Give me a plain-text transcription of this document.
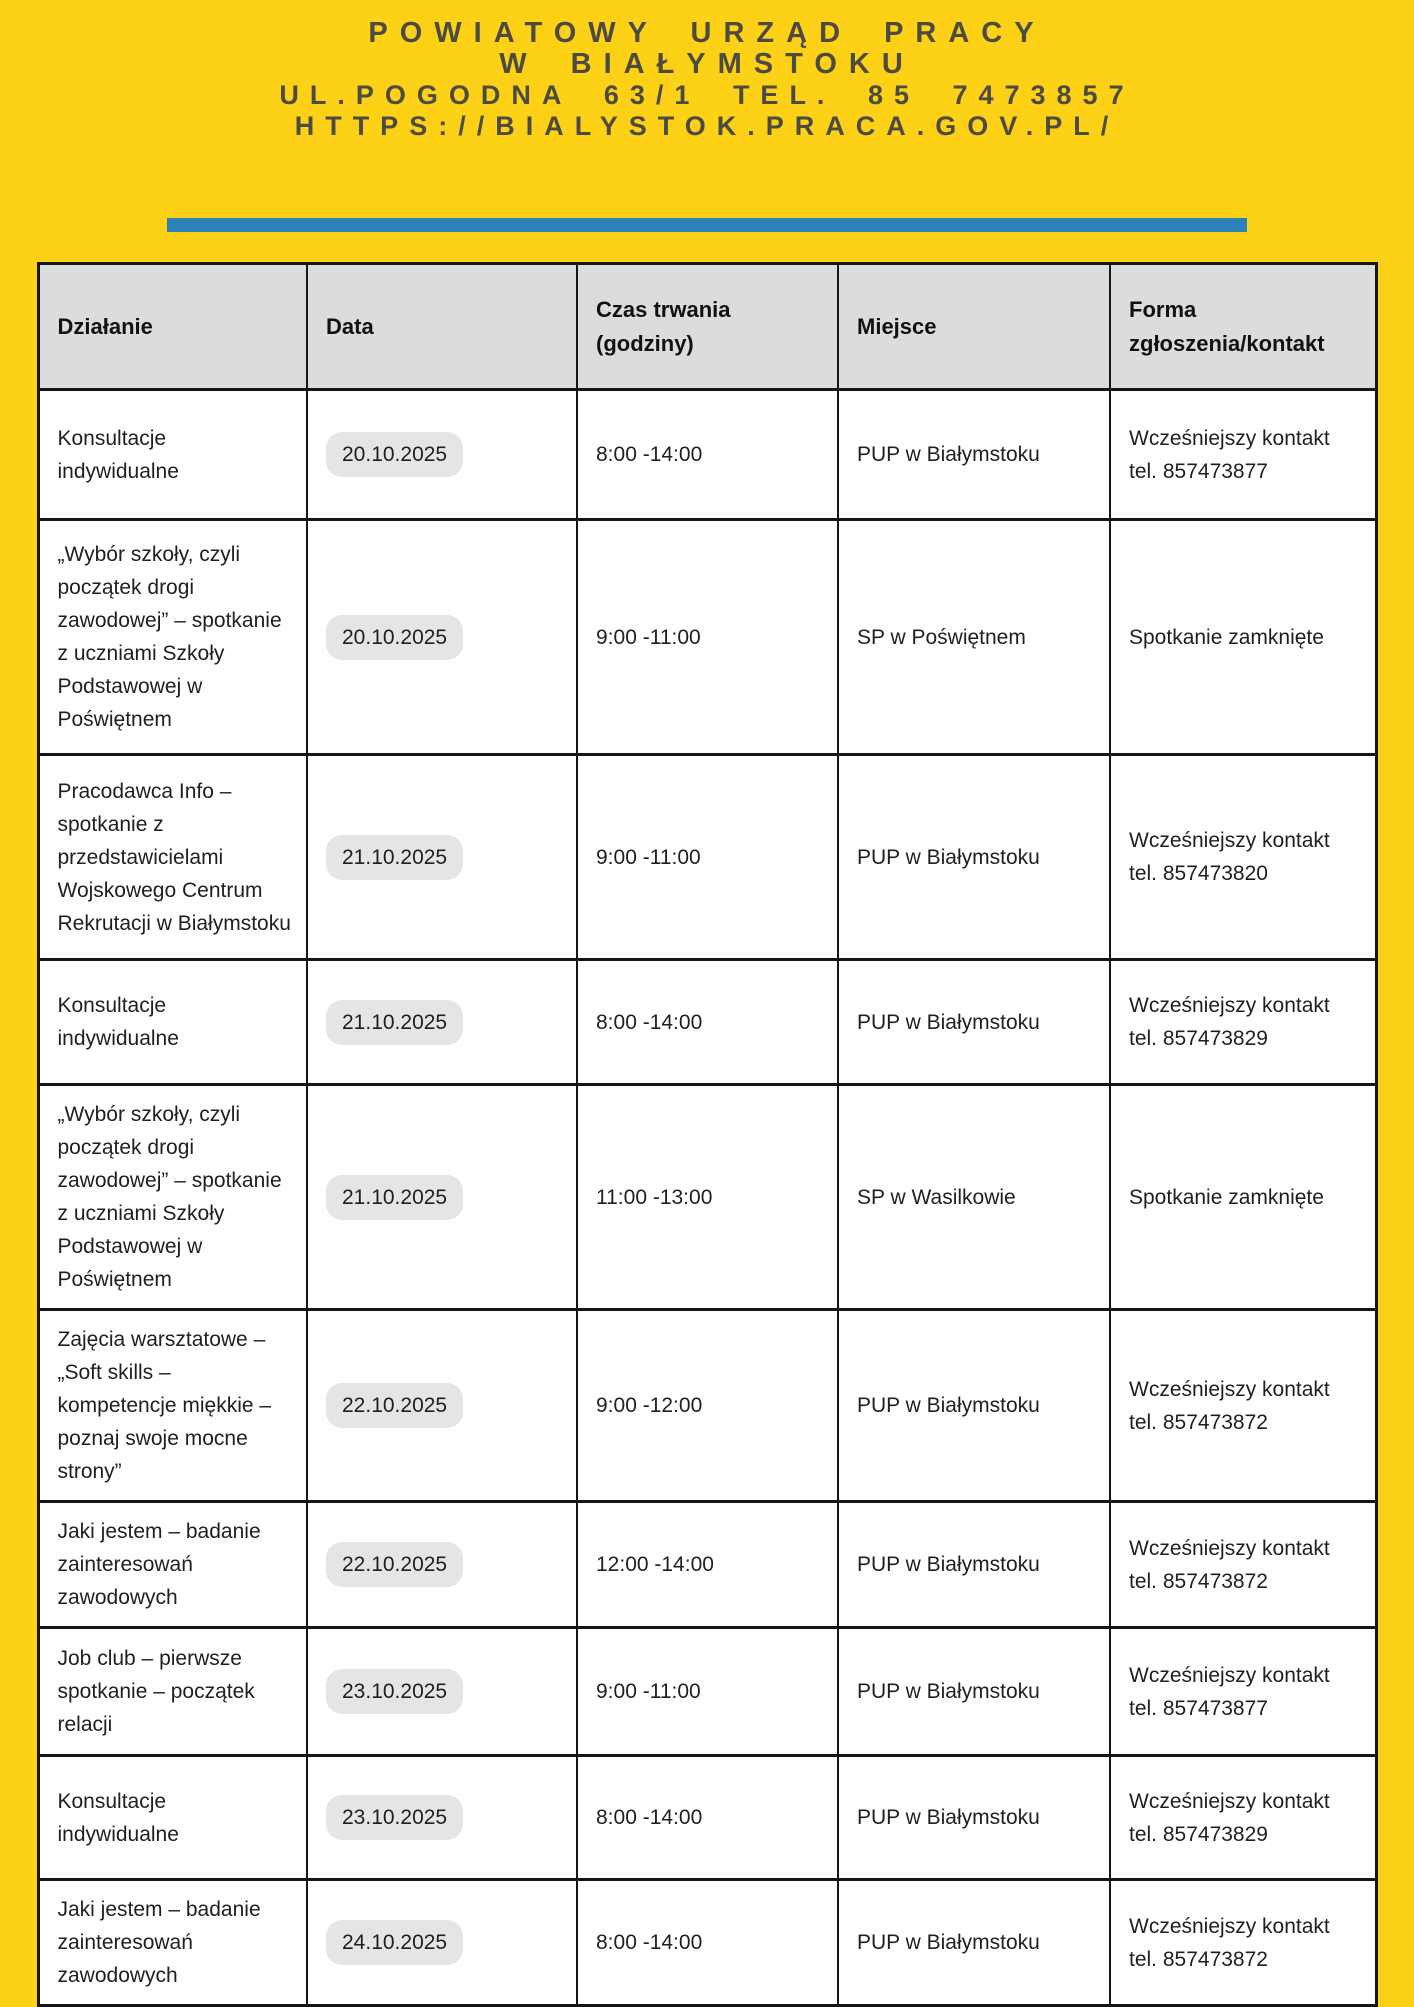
POWIATOWY URZĄD PRACY
W BIAŁYMSTOKU
UL.POGODNA 63/1 TEL. 85 7473857
HTTPS://BIALYSTOK.PRACA.GOV.PL/
Działanie	Data	Czas trwania (godziny)	Miejsce	Forma zgłoszenia/kontakt
Konsultacje indywidualne	20.10.2025	8:00 -14:00	PUP w Białymstoku	Wcześniejszy kontakt
tel. 857473877

„Wybór szkoły, czyli początek drogi zawodowej” – spotkanie z uczniami Szkoły Podstawowej w Poświętnem	20.10.2025	9:00 -11:00	SP w Poświętnem	Spotkanie zamknięte

Pracodawca Info – spotkanie z przedstawicielami Wojskowego Centrum Rekrutacji w Białymstoku	21.10.2025	9:00 -11:00	PUP w Białymstoku	Wcześniejszy kontakt
tel. 857473820

Konsultacje indywidualne	21.10.2025	8:00 -14:00	PUP w Białymstoku	Wcześniejszy kontakt
tel. 857473829

„Wybór szkoły, czyli początek drogi zawodowej” – spotkanie z uczniami Szkoły Podstawowej w Poświętnem	21.10.2025	11:00 -13:00	SP w Wasilkowie	Spotkanie zamknięte

Zajęcia warsztatowe – „Soft skills – kompetencje miękkie – poznaj swoje mocne strony”	22.10.2025	9:00 -12:00	PUP w Białymstoku	Wcześniejszy kontakt
tel. 857473872

Jaki jestem – badanie zainteresowań zawodowych	22.10.2025	12:00 -14:00	PUP w Białymstoku	Wcześniejszy kontakt
tel. 857473872

Job club – pierwsze spotkanie – początek relacji	23.10.2025	9:00 -11:00	PUP w Białymstoku	Wcześniejszy kontakt
tel. 857473877

Konsultacje indywidualne	23.10.2025	8:00 -14:00	PUP w Białymstoku	Wcześniejszy kontakt
tel. 857473829

Jaki jestem – badanie zainteresowań zawodowych	24.10.2025	8:00 -14:00	PUP w Białymstoku	Wcześniejszy kontakt
tel. 857473872
